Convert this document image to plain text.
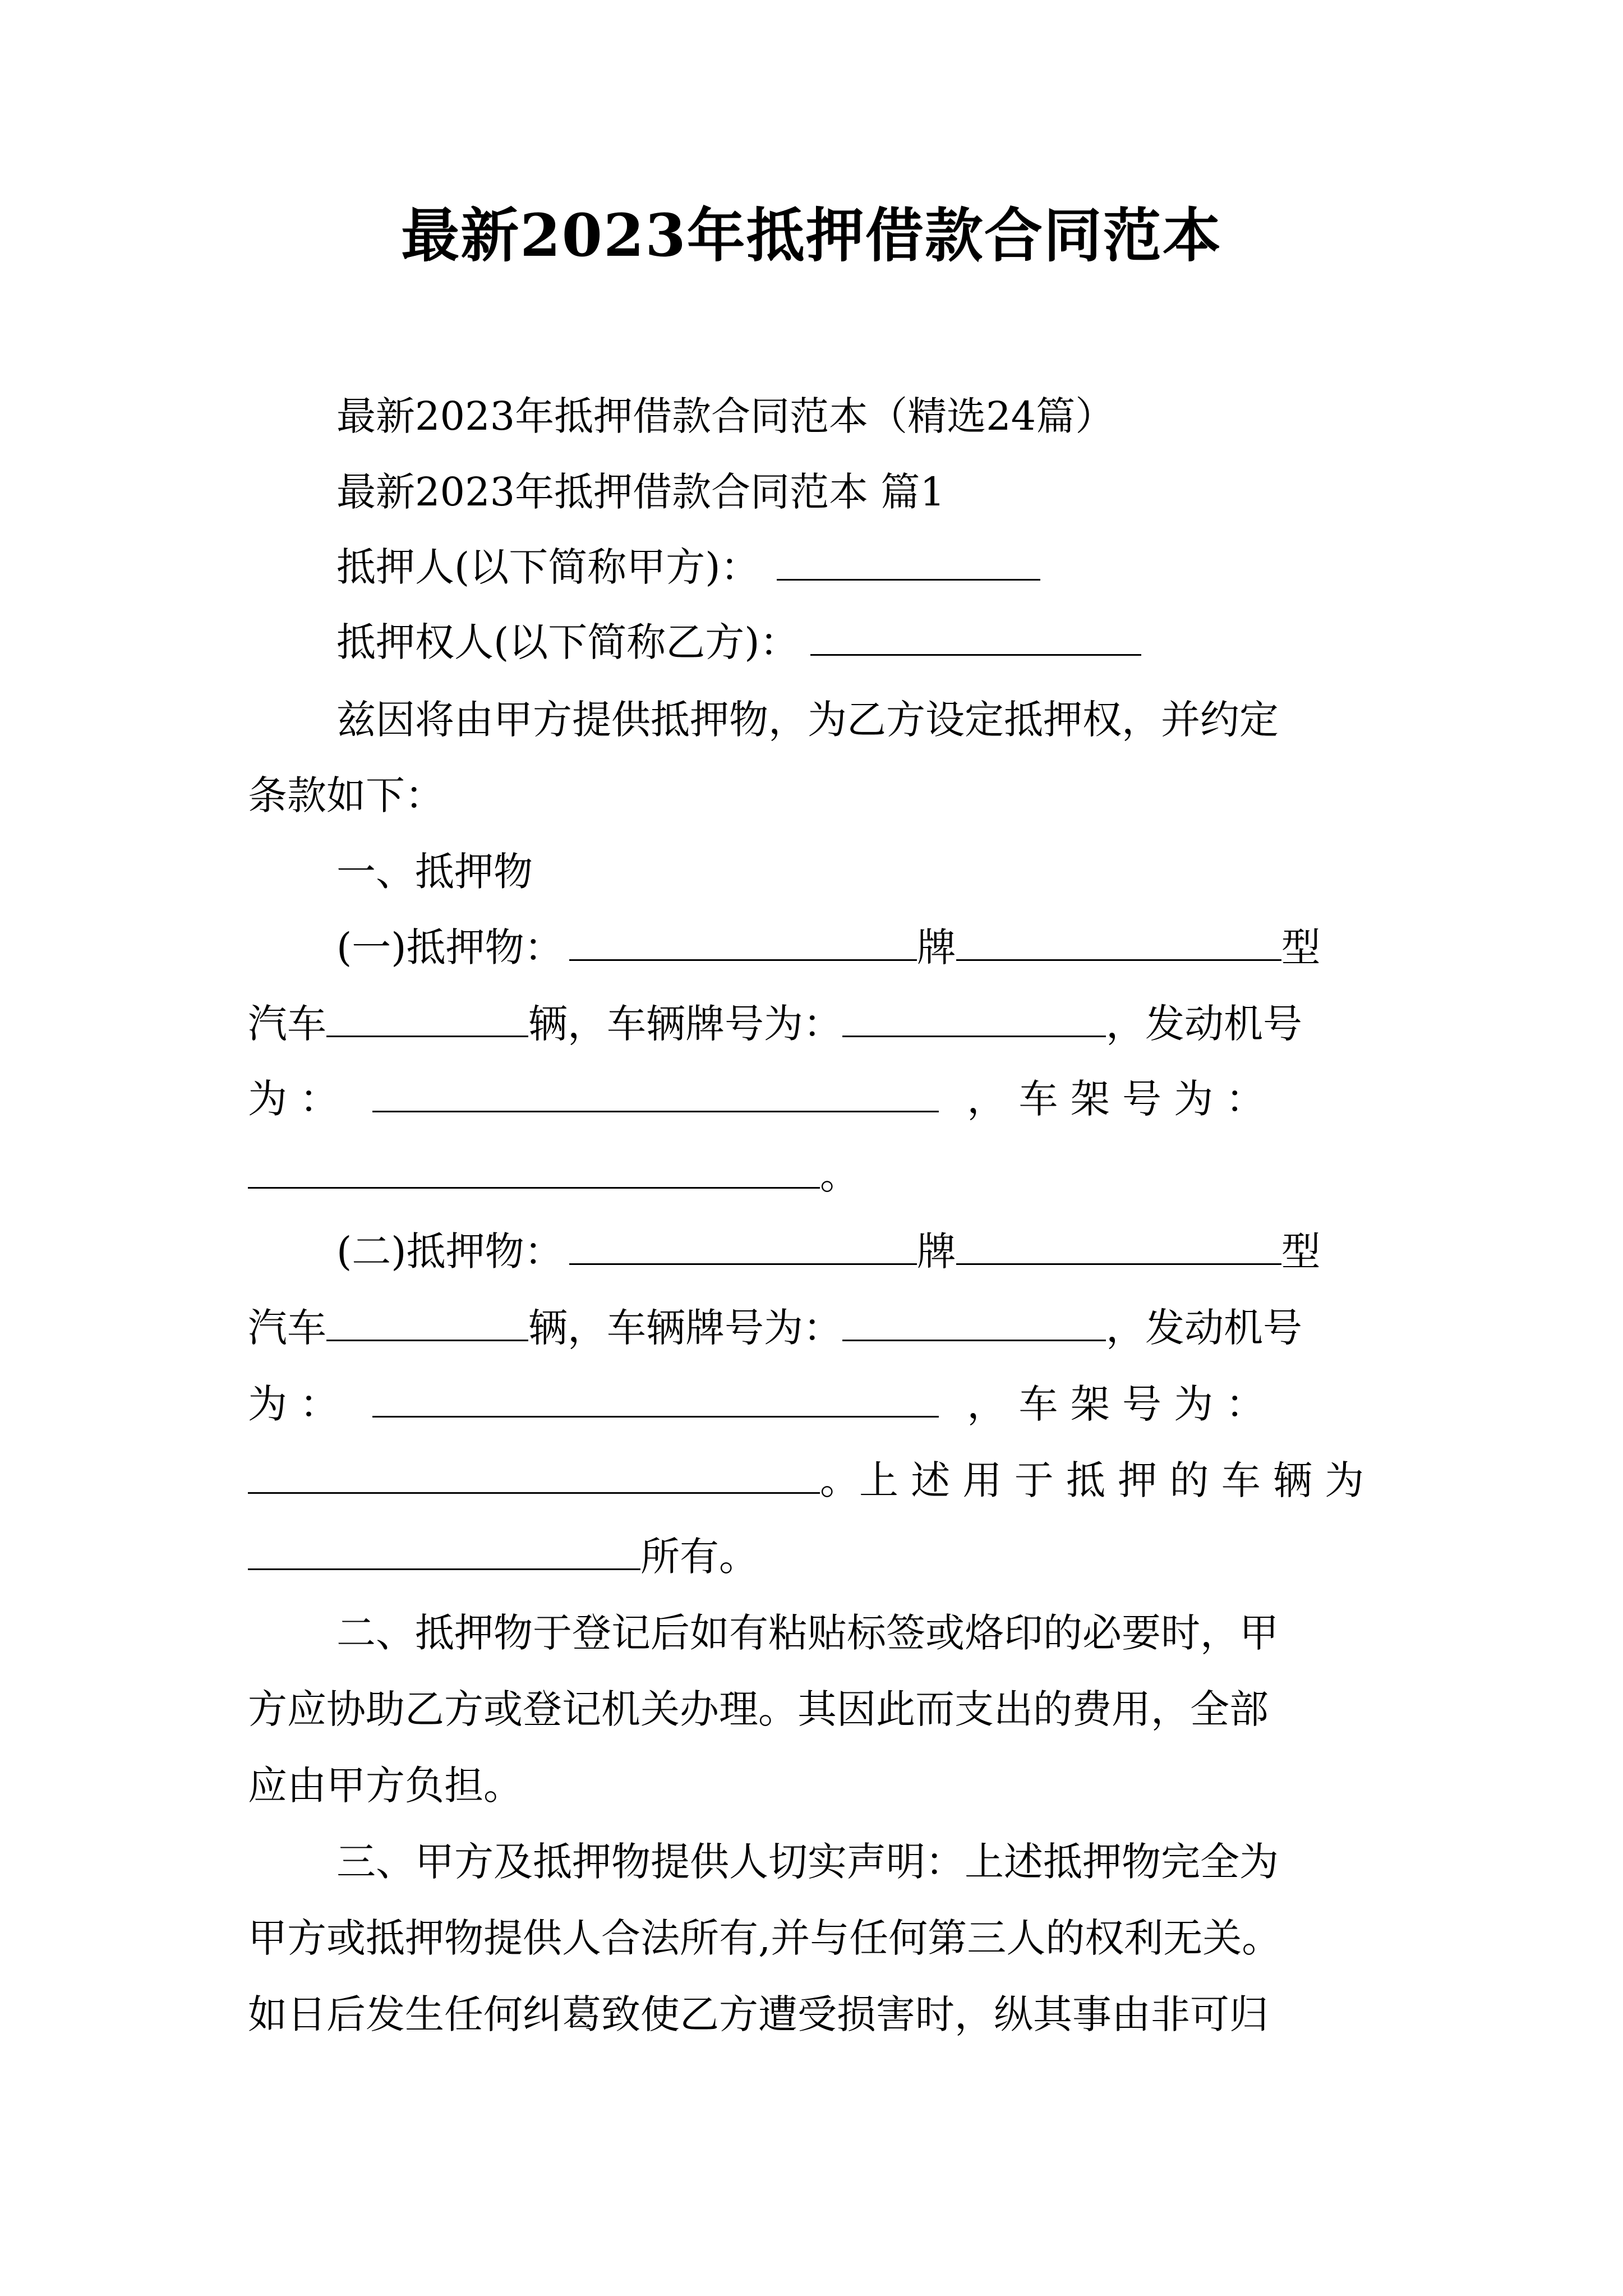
最新2023年抵押借款合同范本
最新2023年抵押借款合同范本（精选24篇）
最新2023年抵押借款合同范本 篇1
抵押人(以下简称甲方)：
抵押权人(以下简称乙方)：
兹因将由甲方提供抵押物，为乙方设定抵押权，并约定
条款如下：
一、抵押物
(一)抵押物：	牌	型
汽车	辆，车辆牌号为：	，发动机号
为 ：	， 车 架 号 为 ：
。
(二)抵押物：	牌	型
汽车	辆，车辆牌号为：	，发动机号
为 ：	， 车 架 号 为 ：
。上 述 用 于 抵 押 的 车 辆 为
所有。
二、抵押物于登记后如有粘贴标签或烙印的必要时，甲
方应协助乙方或登记机关办理。其因此而支出的费用，全部
应由甲方负担。
三、甲方及抵押物提供人切实声明：上述抵押物完全为
甲方或抵押物提供人合法所有,并与任何第三人的权利无关。
如日后发生任何纠葛致使乙方遭受损害时，纵其事由非可归
